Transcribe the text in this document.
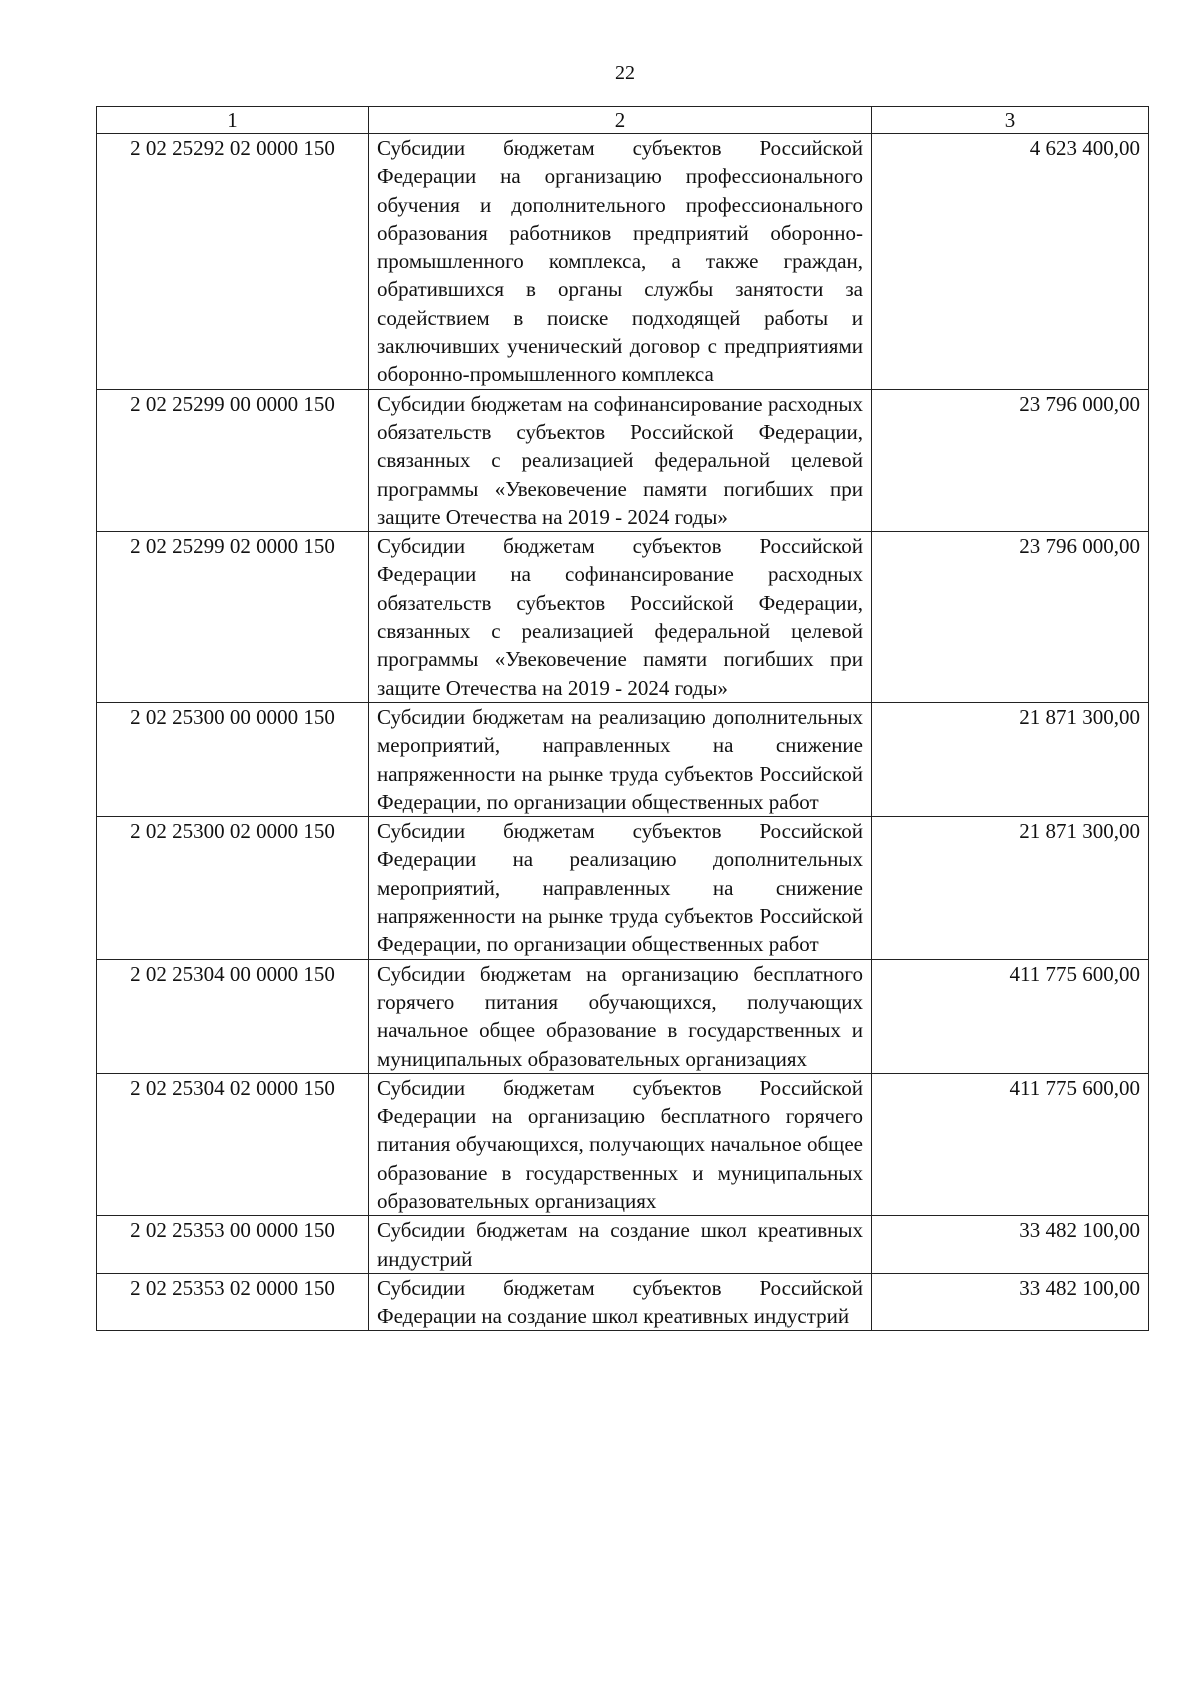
22
1	2	3
2 02 25292 02 0000 150	Субсидии бюджетам субъектов Российской Федерации на организацию профессионального обучения и дополнительного профессионального образования работников предприятий оборонно-промышленного комплекса, а также граждан, обратившихся в органы службы занятости за содействием в поиске подходящей работы и заключивших ученический договор с предприятиями оборонно-промышленного комплекса	4 623 400,00
2 02 25299 00 0000 150	Субсидии бюджетам на софинансирование расходных обязательств субъектов Российской Федерации, связанных с реализацией федеральной целевой программы «Увековечение памяти погибших при защите Отечества на 2019 - 2024 годы»	23 796 000,00
2 02 25299 02 0000 150	Субсидии бюджетам субъектов Российской Федерации на софинансирование расходных обязательств субъектов Российской Федерации, связанных с реализацией федеральной целевой программы «Увековечение памяти погибших при защите Отечества на 2019 - 2024 годы»	23 796 000,00
2 02 25300 00 0000 150	Субсидии бюджетам на реализацию дополнительных мероприятий, направленных на снижение напряженности на рынке труда субъектов Российской Федерации, по организации общественных работ	21 871 300,00
2 02 25300 02 0000 150	Субсидии бюджетам субъектов Российской Федерации на реализацию дополнительных мероприятий, направленных на снижение напряженности на рынке труда субъектов Российской Федерации, по организации общественных работ	21 871 300,00
2 02 25304 00 0000 150	Субсидии бюджетам на организацию бесплатного горячего питания обучающихся, получающих начальное общее образование в государственных и муниципальных образовательных организациях	411 775 600,00
2 02 25304 02 0000 150	Субсидии бюджетам субъектов Российской Федерации на организацию бесплатного горячего питания обучающихся, получающих начальное общее образование в государственных и муниципальных образовательных организациях	411 775 600,00
2 02 25353 00 0000 150	Субсидии бюджетам на создание школ креативных индустрий	33 482 100,00
2 02 25353 02 0000 150	Субсидии бюджетам субъектов Российской Федерации на создание школ креативных индустрий	33 482 100,00
